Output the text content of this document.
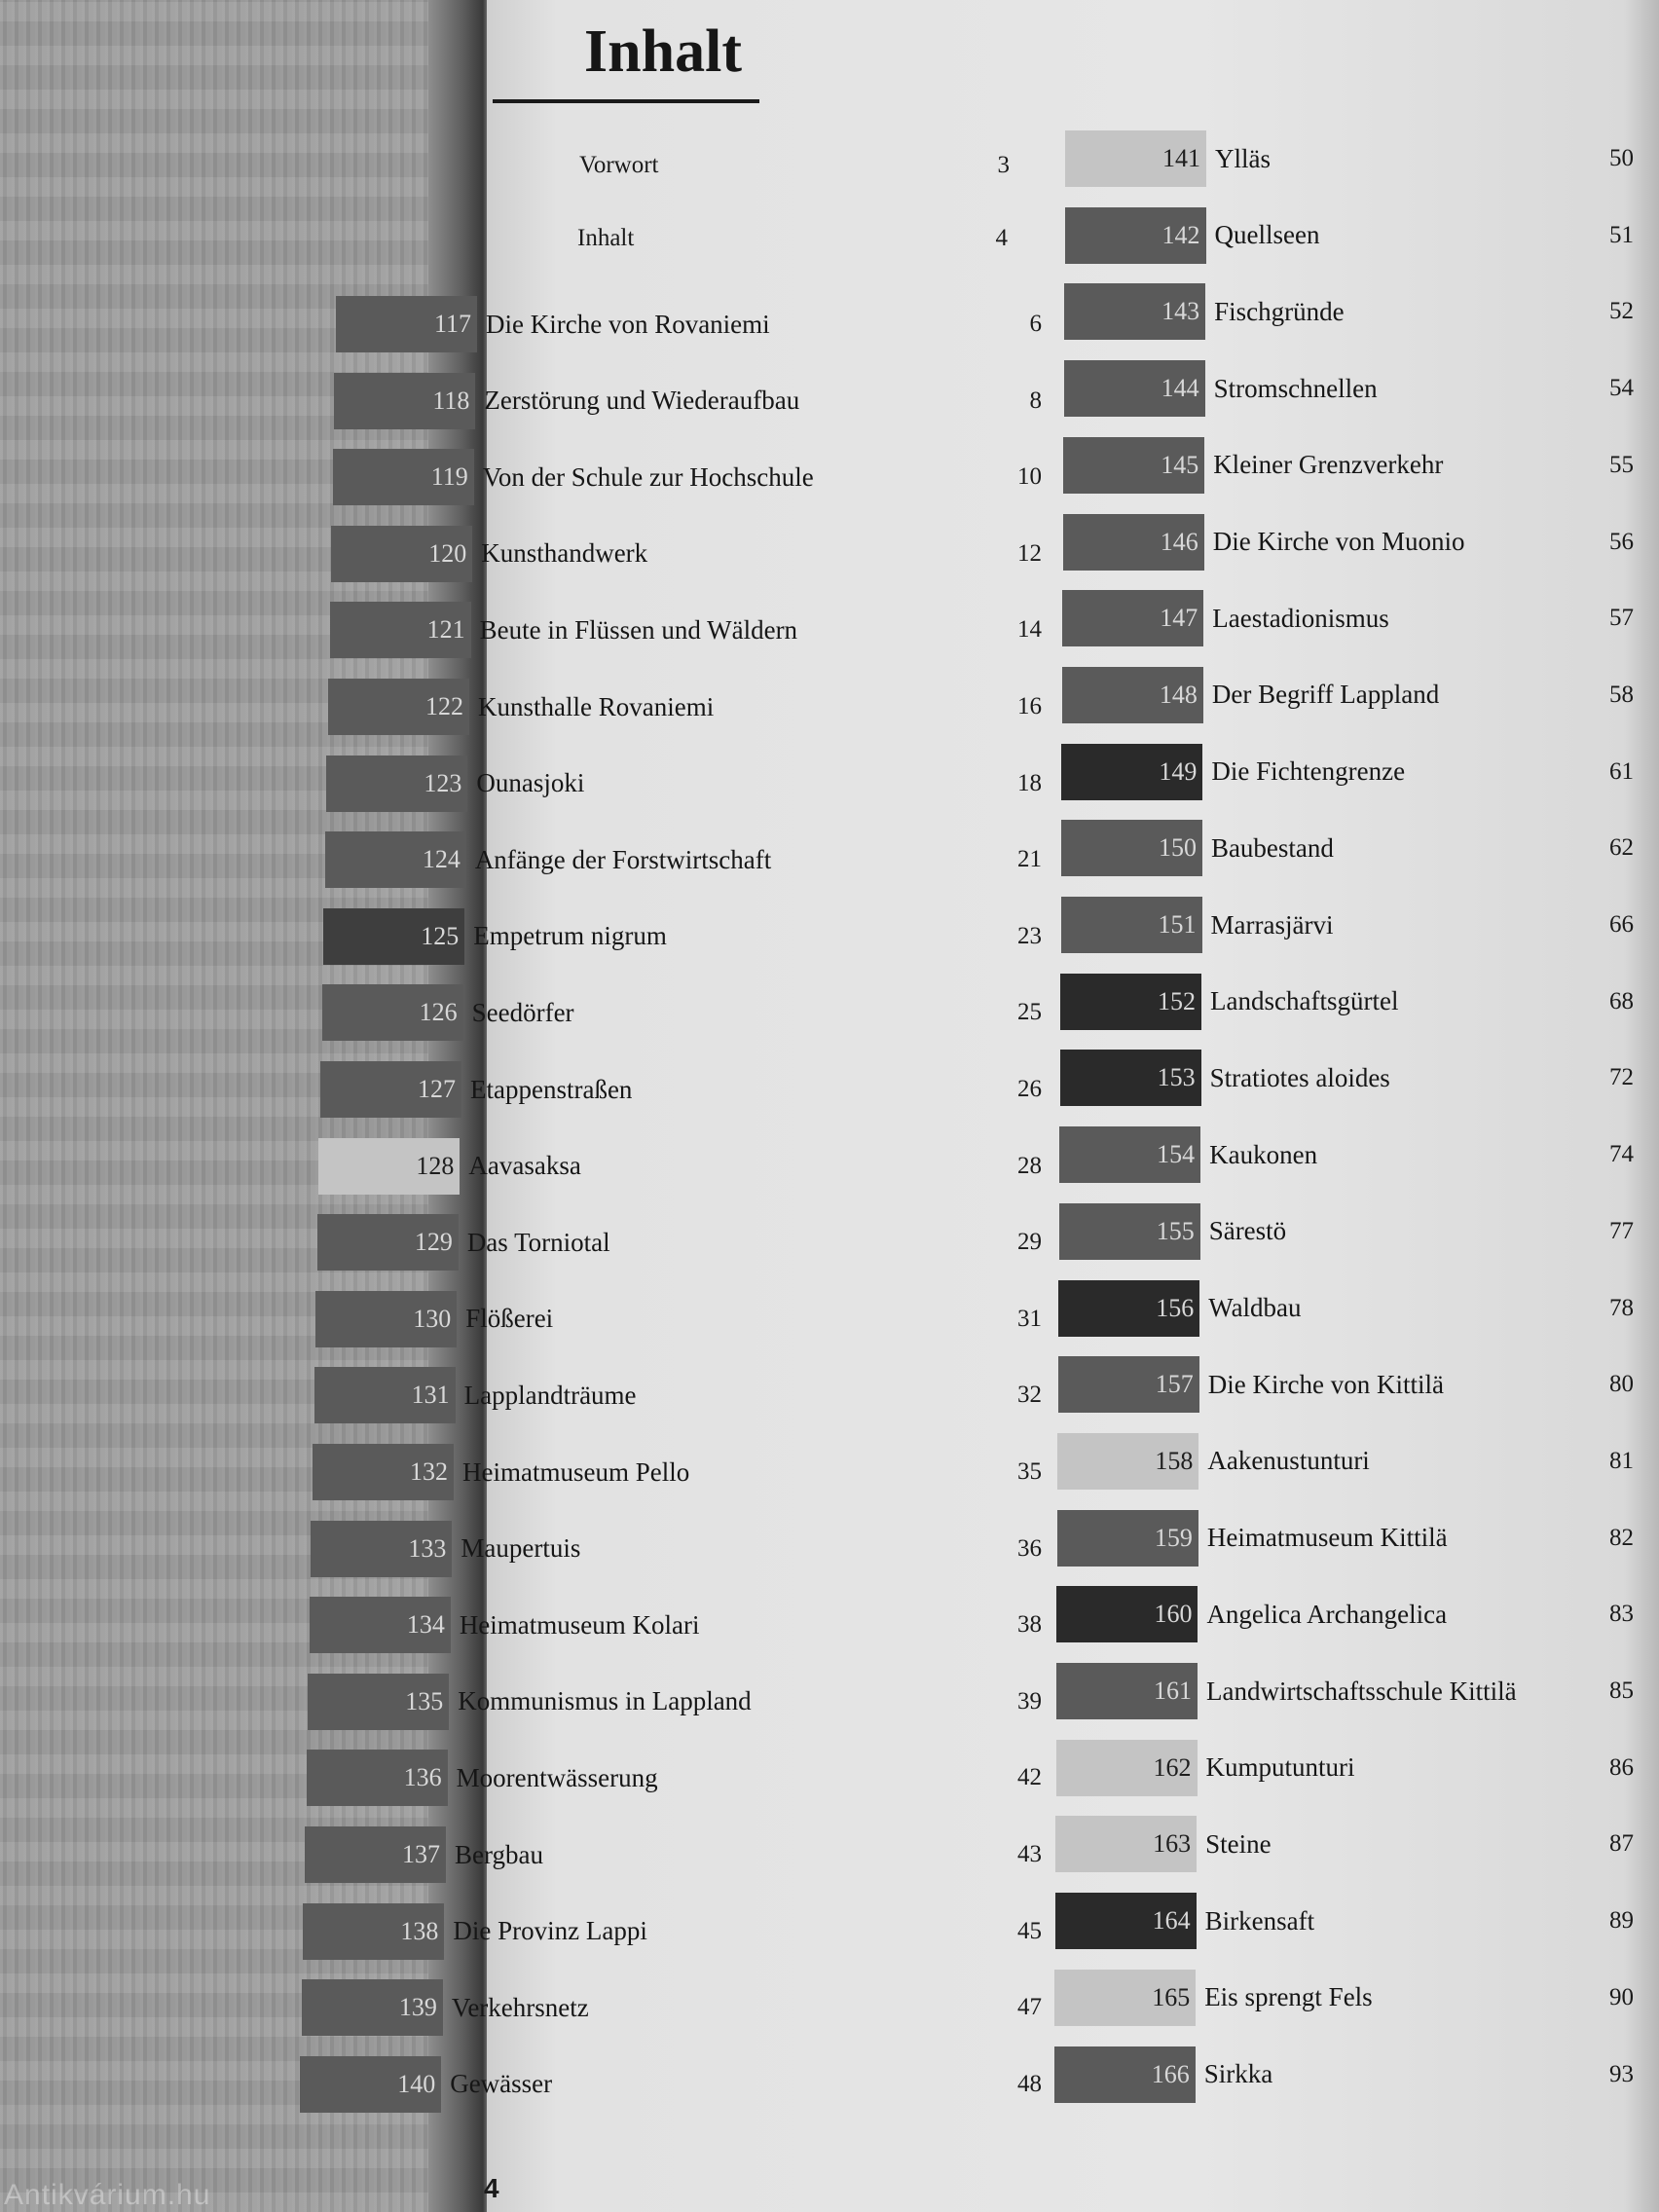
Antikvárium.hu
Inhalt
Vorwort	3
Inhalt	4
117 Die Kirche von Rovaniemi	6
118 Zerstörung und Wiederaufbau	8
119 Von der Schule zur Hochschule	10
120 Kunsthandwerk	12
121 Beute in Flüssen und Wäldern	14
122 Kunsthalle Rovaniemi	16
123 Ounasjoki	18
124 Anfänge der Forstwirtschaft	21
125 Empetrum nigrum	23
126 Seedörfer	25
127 Etappenstraßen	26
128 Aavasaksa	28
129 Das Torniotal	29
130 Flößerei	31
131 Lapplandträume	32
132 Heimatmuseum Pello	35
133 Maupertuis	36
134 Heimatmuseum Kolari	38
135 Kommunismus in Lappland	39
136 Moorentwässerung	42
137 Bergbau	43
138 Die Provinz Lappi	45
139 Verkehrsnetz	47
140 Gewässer	48
141 Ylläs	50
142 Quellseen	51
143 Fischgründe	52
144 Stromschnellen	54
145 Kleiner Grenzverkehr	55
146 Die Kirche von Muonio	56
147 Laestadionismus	57
148 Der Begriff Lappland	58
149 Die Fichtengrenze	61
150 Baubestand	62
151 Marrasjärvi	66
152 Landschaftsgürtel	68
153 Stratiotes aloides	72
154 Kaukonen	74
155 Särestö	77
156 Waldbau	78
157 Die Kirche von Kittilä	80
158 Aakenustunturi	81
159 Heimatmuseum Kittilä	82
160 Angelica Archangelica	83
161 Landwirtschaftsschule Kittilä	85
162 Kumputunturi	86
163 Steine	87
164 Birkensaft	89
165 Eis sprengt Fels	90
166 Sirkka	93
4
